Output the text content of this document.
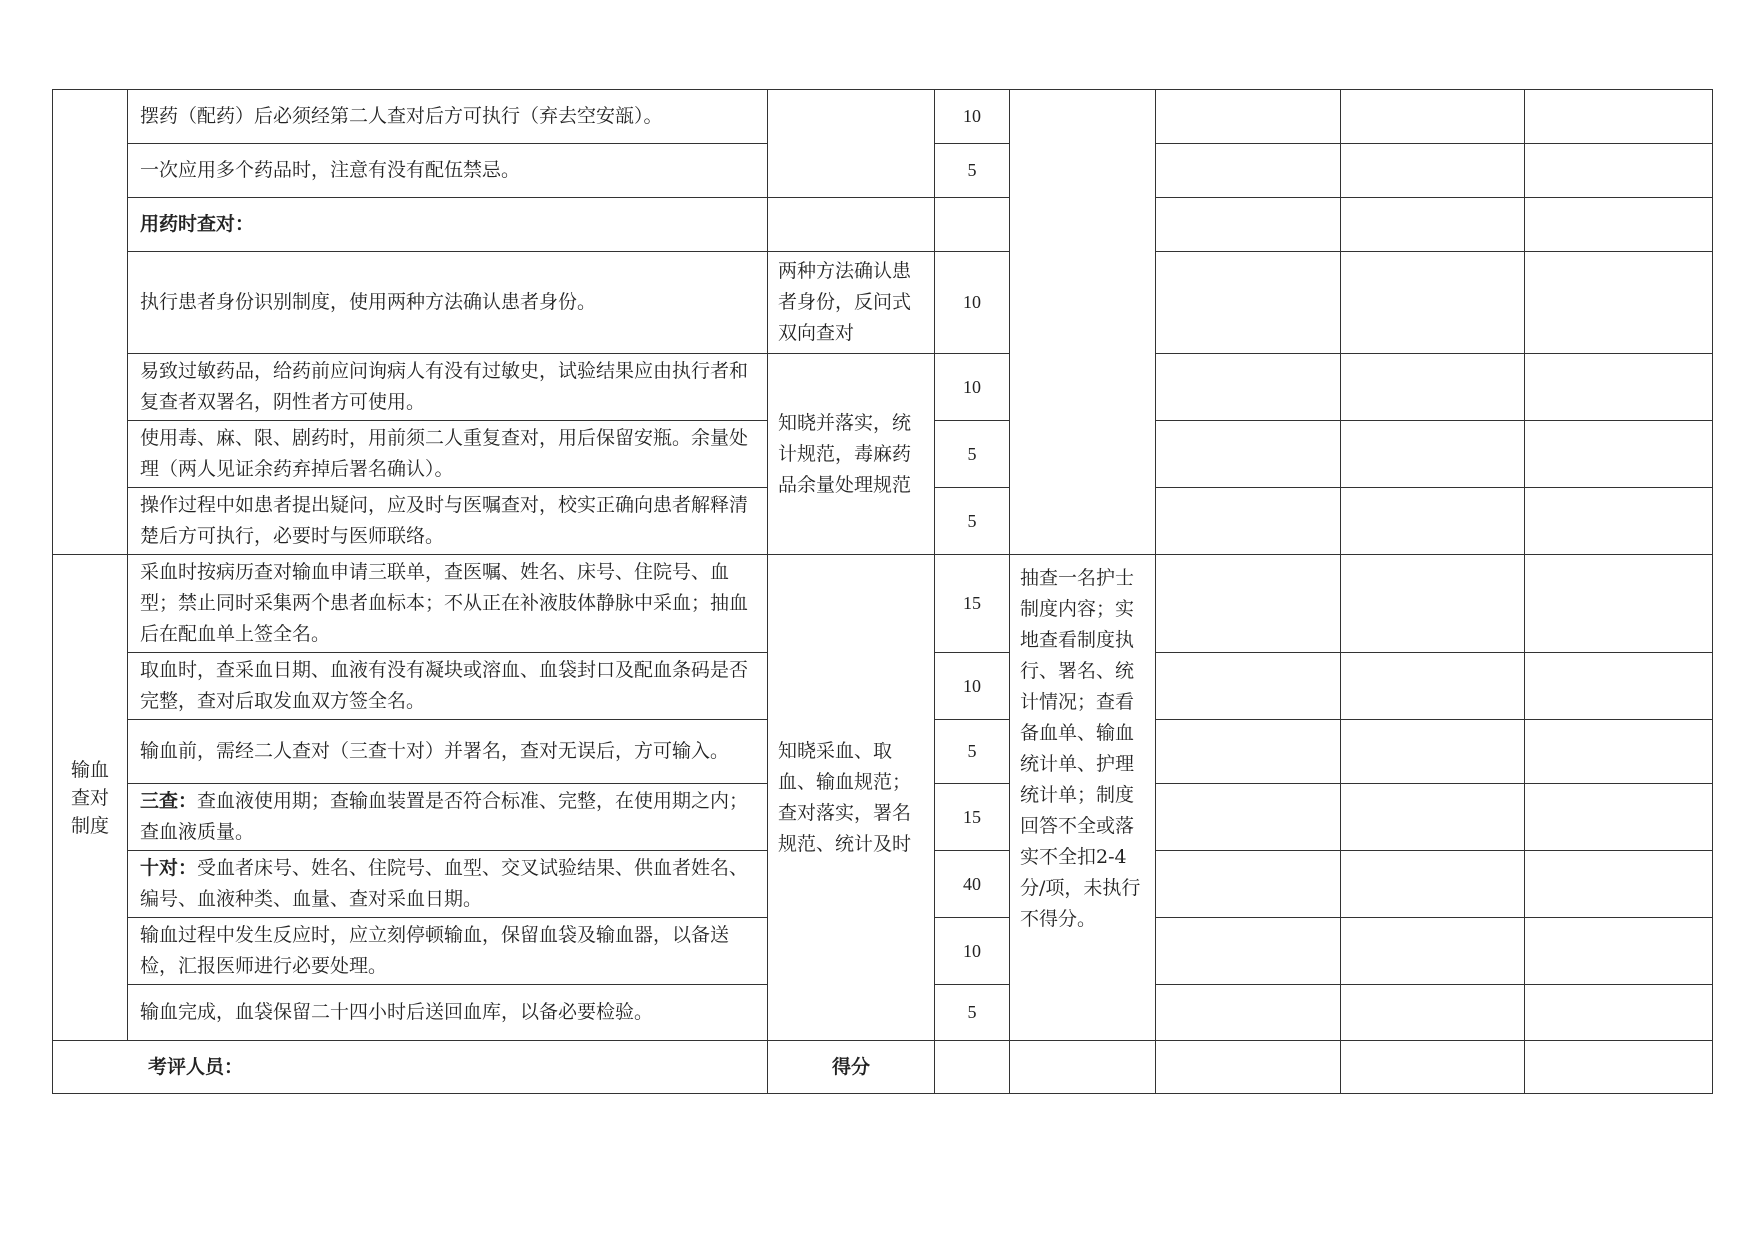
	摆药（配药）后必须经第二人查对后方可执行（弃去空安瓿）。		10				
	一次应用多个药品时，注意有没有配伍禁忌。		5				
	用药时查对：						
	执行患者身份识别制度，使用两种方法确认患者身份。	两种方法确认患者身份，反问式双向查对	10				
	易致过敏药品，给药前应问询病人有没有过敏史，试验结果应由执行者和复查者双署名，阴性者方可使用。	知晓并落实，统计规范，毒麻药品余量处理规范	10				
	使用毒、麻、限、剧药时，用前须二人重复查对，用后保留安瓶。余量处理（两人见证余药弃掉后署名确认）。		5				
	操作过程中如患者提出疑问，应及时与医嘱查对，校实正确向患者解释清楚后方可执行，必要时与医师联络。		5				
输血查对制度	采血时按病历查对输血申请三联单，查医嘱、姓名、床号、住院号、血型；禁止同时采集两个患者血标本；不从正在补液肢体静脉中采血；抽血后在配血单上签全名。	知晓采血、取血、输血规范；查对落实，署名规范、统计及时	15	抽查一名护士制度内容；实地查看制度执行、署名、统计情况；查看备血单、输血统计单、护理统计单；制度回答不全或落实不全扣2-4分/项，未执行不得分。			
	取血时，查采血日期、血液有没有凝块或溶血、血袋封口及配血条码是否完整，查对后取发血双方签全名。		10				
	输血前，需经二人查对（三查十对）并署名，查对无误后，方可输入。		5				
	三查：查血液使用期；查输血装置是否符合标准、完整，在使用期之内；查血液质量。		15				
	十对：受血者床号、姓名、住院号、血型、交叉试验结果、供血者姓名、编号、血液种类、血量、查对采血日期。		40				
	输血过程中发生反应时，应立刻停顿输血，保留血袋及输血器，以备送检，汇报医师进行必要处理。		10				
	输血完成，血袋保留二十四小时后送回血库，以备必要检验。		5				
考评人员：		得分					
